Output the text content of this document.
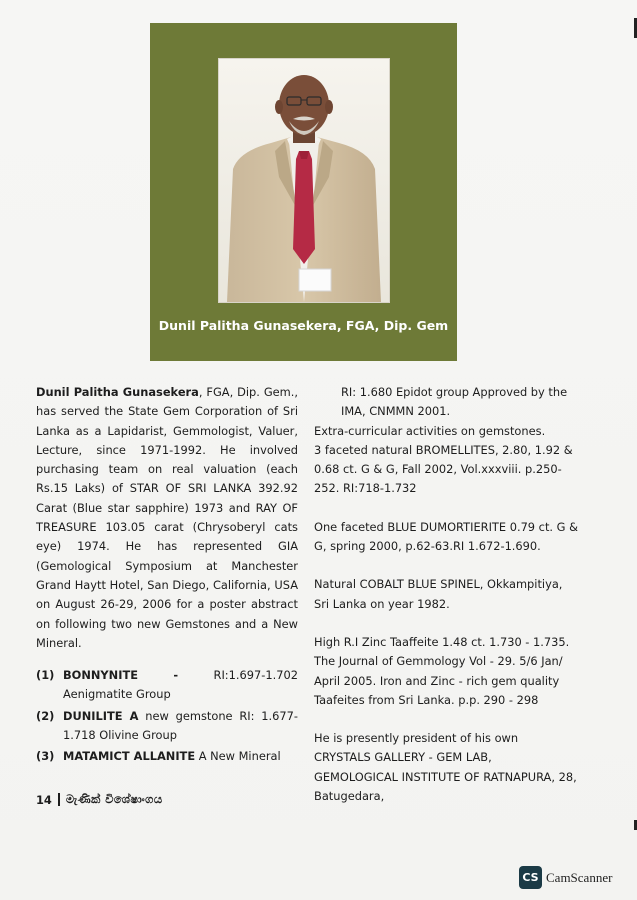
Dunil Palitha Gunasekera, FGA, Dip. Gem

Dunil Palitha Gunasekera, FGA, Dip. Gem., has served the State Gem Corporation of Sri Lanka as a Lapidarist, Gemmologist, Valuer, Lecture, since 1971-1992. He involved purchasing team on real valuation (each Rs.15 Laks) of STAR OF SRI LANKA 392.92 Carat (Blue star sapphire) 1973 and RAY OF TREASURE 103.05 carat (Chrysoberyl cats eye) 1974. He has represented GIA (Gemological Symposium at Manchester Grand Haytt Hotel, San Diego, California, USA on August 26-29, 2006 for a poster abstract on following two new Gemstones and a New Mineral.

(1) BONNYNITE	-	RI:1.697-1.702
Aenigmatite Group
(2) DUNILITE A new gemstone RI: 1.677-1.718 Olivine Group
(3) MATAMICT ALLANITE A New Mineral

RI: 1.680 Epidot group Approved by the IMA, CNMMN 2001.

Extra-curricular activities on gemstones.

3 faceted natural BROMELLITES, 2.80, 1.92 & 0.68 ct. G & G, Fall 2002, Vol.xxxviii. p.250-252. RI:718-1.732

One faceted BLUE DUMORTIERITE 0.79 ct. G & G, spring 2000, p.62-63.RI 1.672-1.690.

Natural COBALT BLUE SPINEL, Okkampitiya, Sri Lanka on year 1982.

High R.I Zinc Taaffeite 1.48 ct. 1.730 - 1.735. The Journal of Gemmology Vol - 29. 5/6 Jan/ April 2005. Iron and Zinc - rich gem quality Taafeites from Sri Lanka. p.p. 290 - 298

He is presently president of his own CRYSTALS GALLERY - GEM LAB, GEMOLOGICAL INSTITUTE OF RATNAPURA, 28, Batugedara,

14 මැණික් විශේෂාංගය
CS CamScanner
